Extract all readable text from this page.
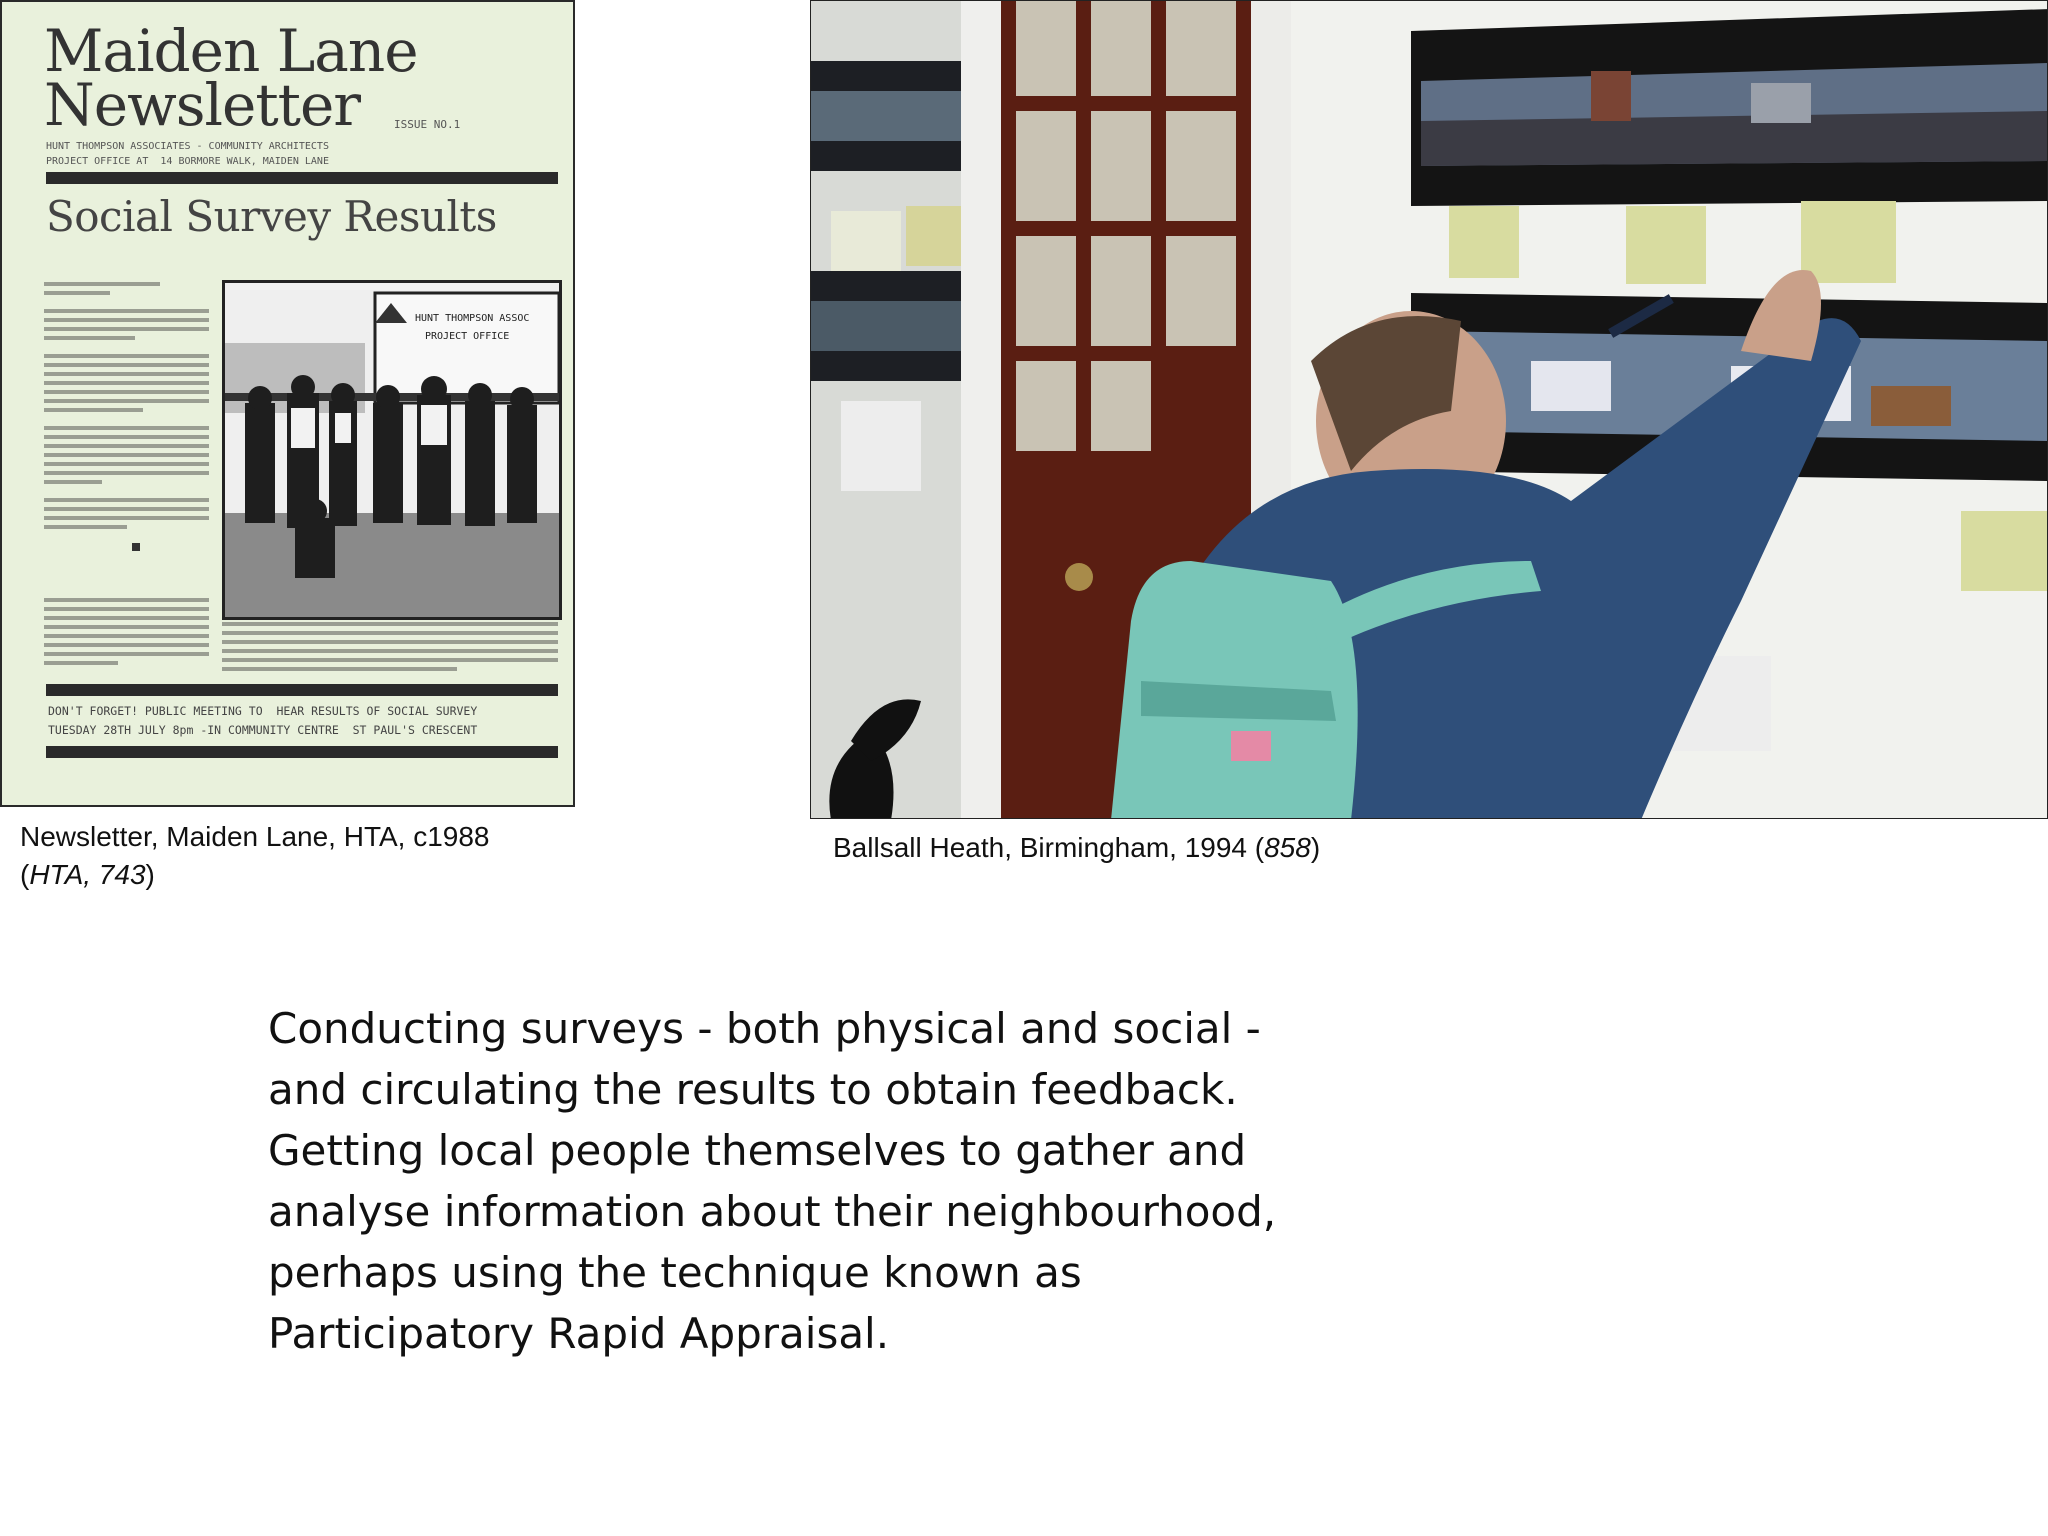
Maiden Lane
Newsletter	ISSUE NO.1
HUNT THOMPSON ASSOCIATES - COMMUNITY ARCHITECTS
PROJECT OFFICE AT  14 BORMORE WALK, MAIDEN LANE
Social Survey Results
HUNT THOMPSON ASSOC
PROJECT OFFICE
DON'T FORGET! PUBLIC MEETING TO  HEAR RESULTS OF SOCIAL SURVEY
TUESDAY 28TH JULY 8pm -IN COMMUNITY CENTRE  ST PAUL'S CRESCENT
Newsletter, Maiden Lane, HTA, c1988
(HTA, 743)
Ballsall Heath, Birmingham, 1994 (858)
Conducting surveys - both physical and social - and circulating the results to obtain feedback. Getting local people themselves to gather and analyse information about their neighbourhood, perhaps using the technique known as Participatory Rapid Appraisal.
